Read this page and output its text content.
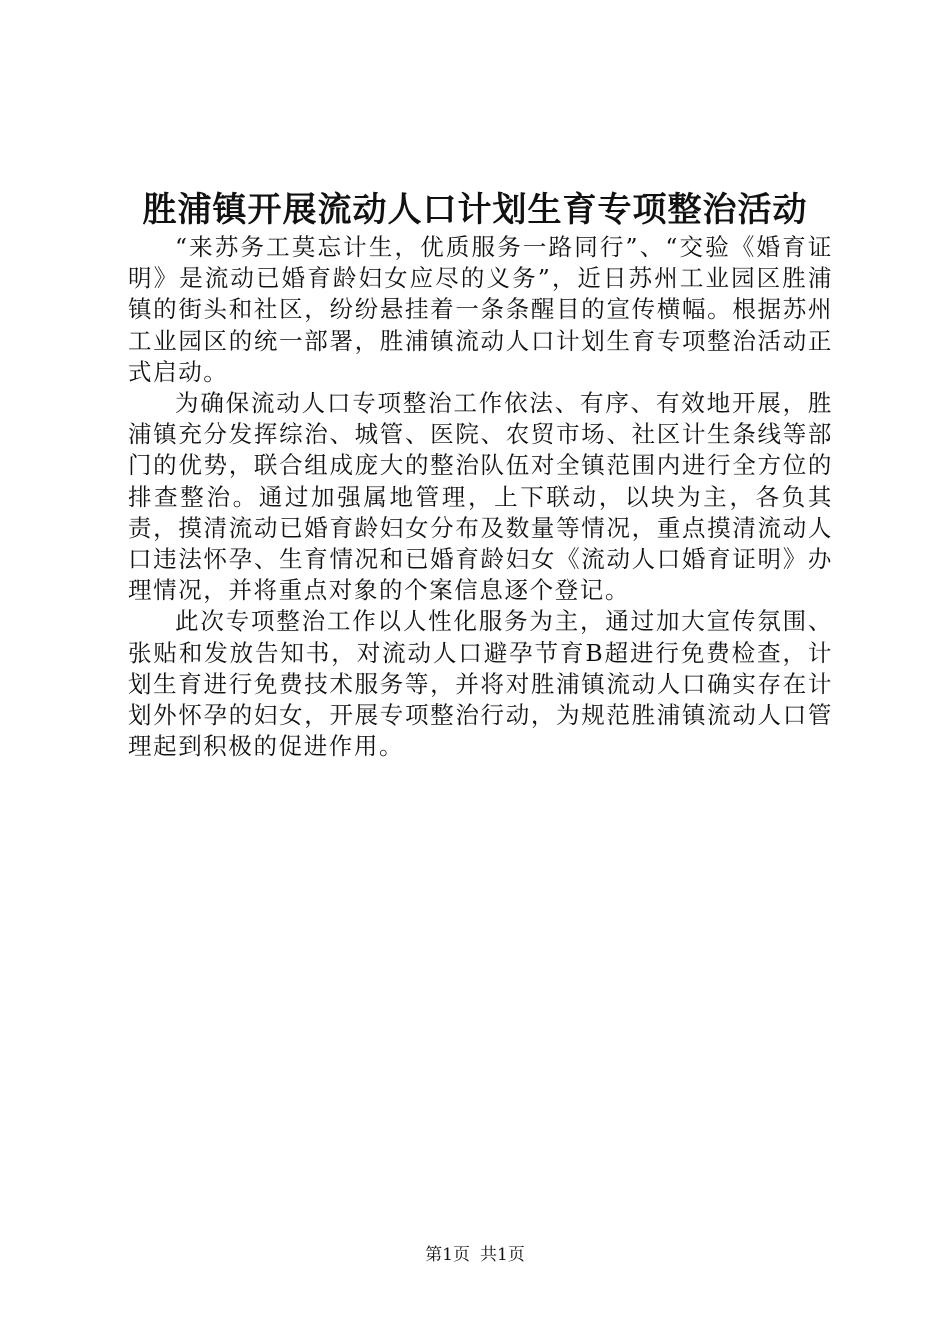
胜浦镇开展流动人口计划生育专项整治活动

“来苏务工莫忘计生，优质服务一路同行”、“交验《婚育证明》是流动已婚育龄妇女应尽的义务”，近日苏州工业园区胜浦镇的街头和社区，纷纷悬挂着一条条醒目的宣传横幅。根据苏州工业园区的统一部署，胜浦镇流动人口计划生育专项整治活动正式启动。

为确保流动人口专项整治工作依法、有序、有效地开展，胜浦镇充分发挥综治、城管、医院、农贸市场、社区计生条线等部门的优势，联合组成庞大的整治队伍对全镇范围内进行全方位的排查整治。通过加强属地管理，上下联动，以块为主，各负其责，摸清流动已婚育龄妇女分布及数量等情况，重点摸清流动人口违法怀孕、生育情况和已婚育龄妇女《流动人口婚育证明》办理情况，并将重点对象的个案信息逐个登记。

此次专项整治工作以人性化服务为主，通过加大宣传氛围、张贴和发放告知书，对流动人口避孕节育B超进行免费检查，计划生育进行免费技术服务等，并将对胜浦镇流动人口确实存在计划外怀孕的妇女，开展专项整治行动，为规范胜浦镇流动人口管理起到积极的促进作用。

第1页 共1页
